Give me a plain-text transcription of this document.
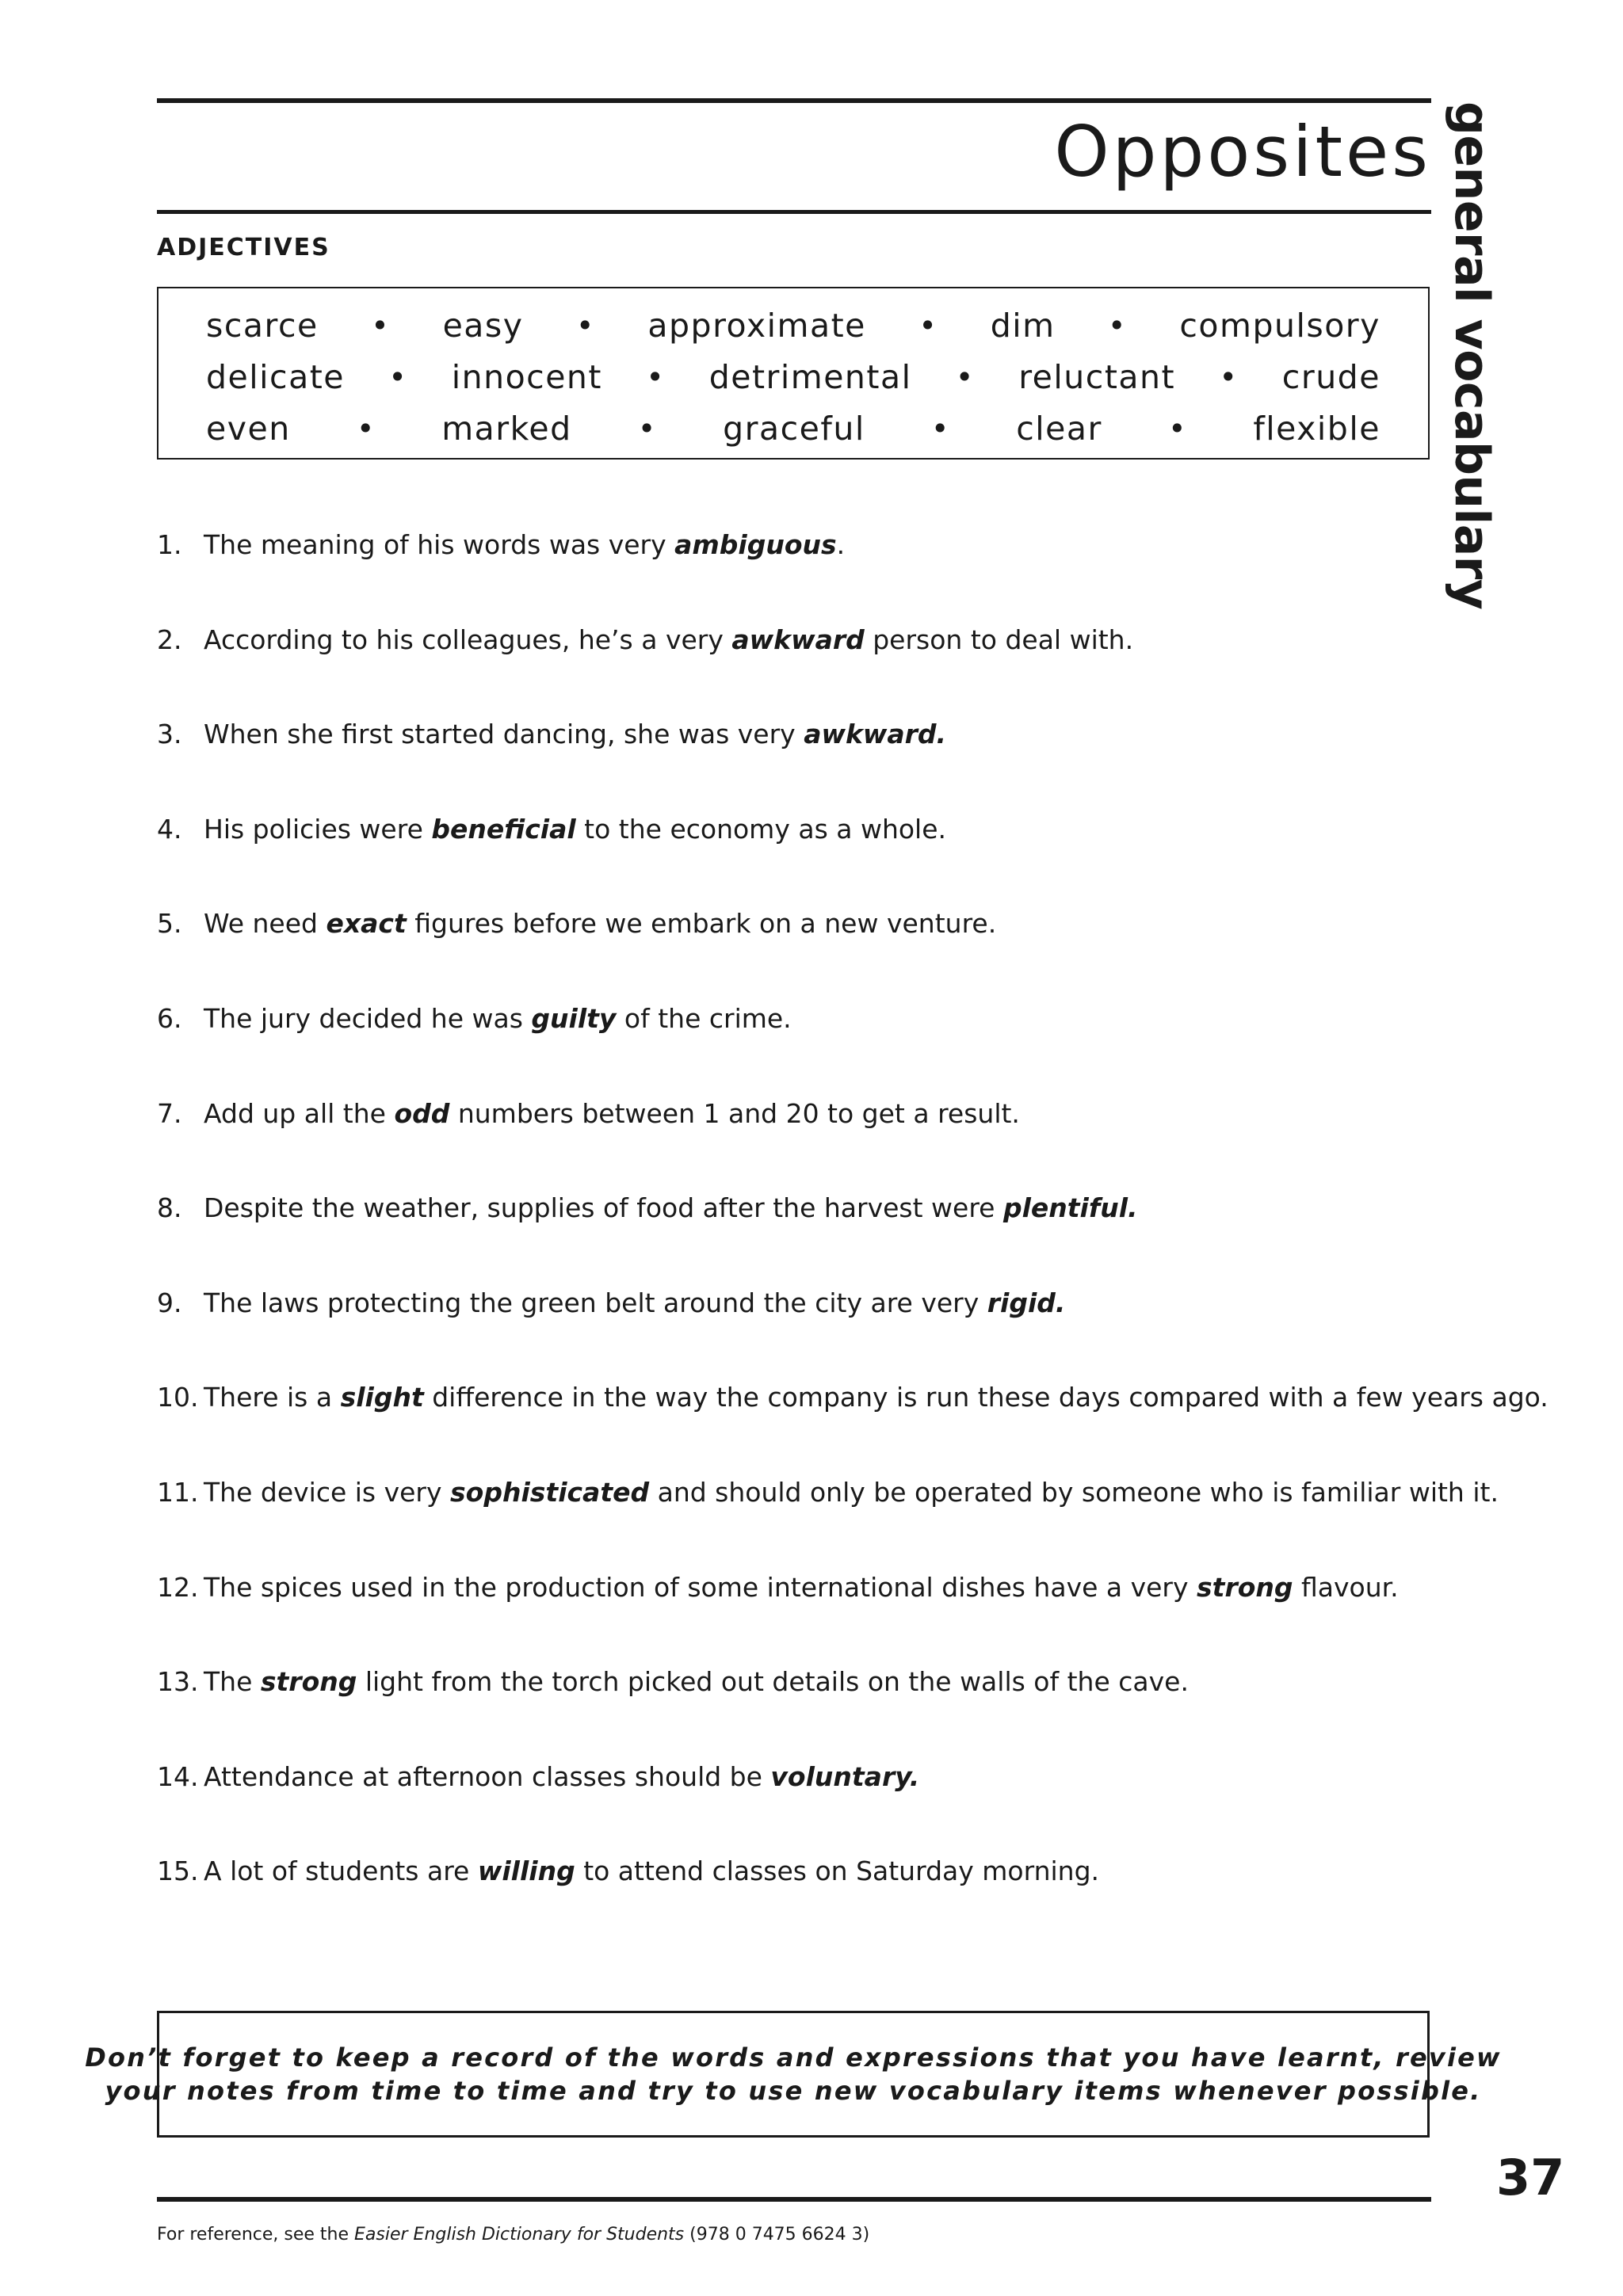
Opposites general vocabulary
ADJECTIVES
scarce • easy • approximate • dim • compulsory
delicate • innocent • detrimental • reluctant • crude
even • marked • graceful • clear • flexible
1. The meaning of his words was very ambiguous.
2. According to his colleagues, he’s a very awkward person to deal with.
3. When she first started dancing, she was very awkward.
4. His policies were beneficial to the economy as a whole.
5. We need exact figures before we embark on a new venture.
6. The jury decided he was guilty of the crime.
7. Add up all the odd numbers between 1 and 20 to get a result.
8. Despite the weather, supplies of food after the harvest were plentiful.
9. The laws protecting the green belt around the city are very rigid.
10. There is a slight difference in the way the company is run these days compared with a few years ago.
11. The device is very sophisticated and should only be operated by someone who is familiar with it.
12. The spices used in the production of some international dishes have a very strong flavour.
13. The strong light from the torch picked out details on the walls of the cave.
14. Attendance at afternoon classes should be voluntary.
15. A lot of students are willing to attend classes on Saturday morning.
Don’t forget to keep a record of the words and expressions that you have learnt, review
your notes from time to time and try to use new vocabulary items whenever possible.
37
For reference, see the Easier English Dictionary for Students (978 0 7475 6624 3)
